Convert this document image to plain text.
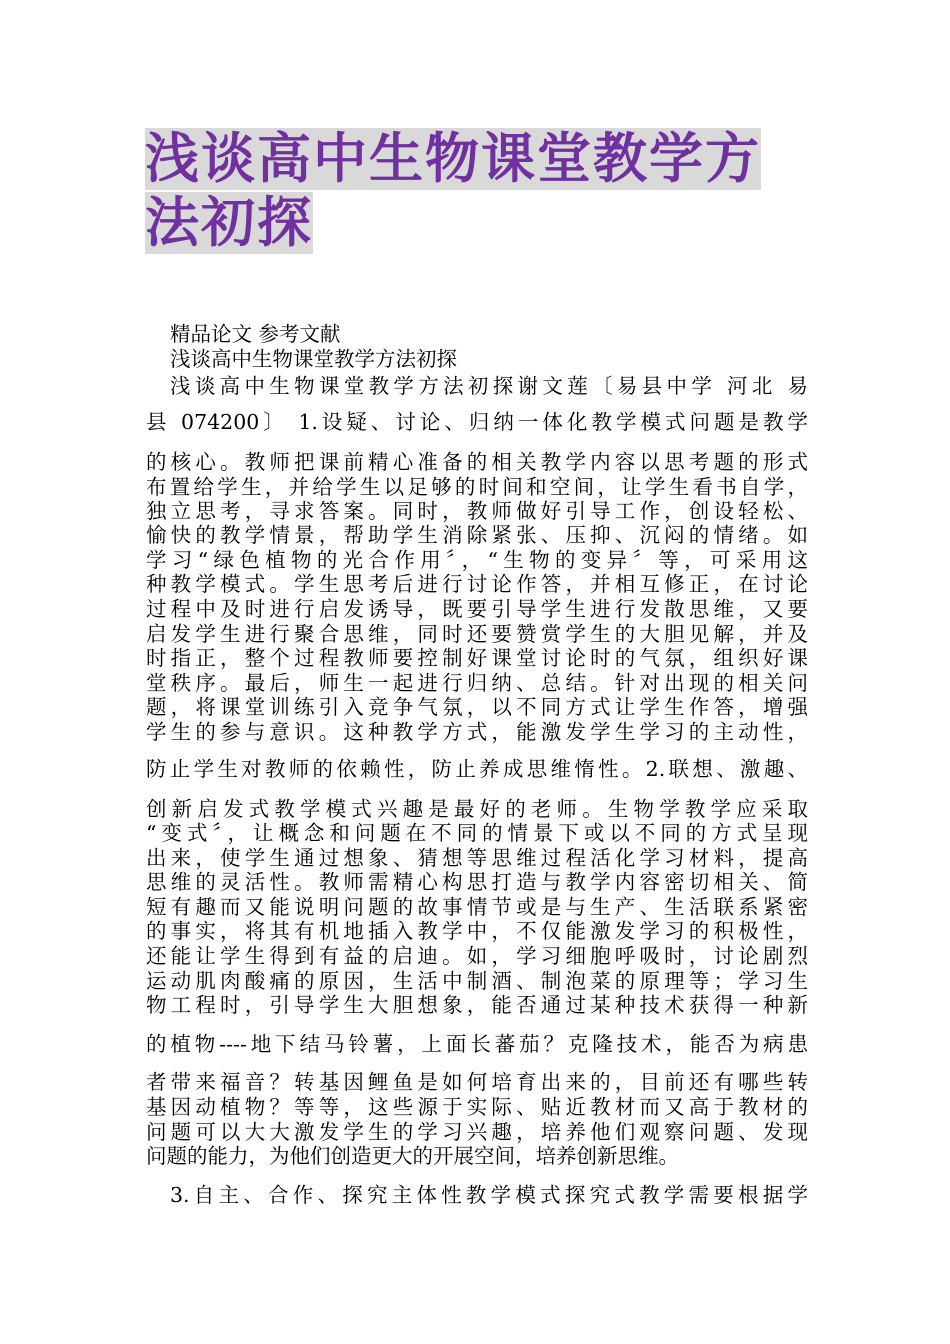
浅谈高中生物课堂教学方
法初探
精品论文 参考文献
浅谈高中生物课堂教学方法初探
浅谈高中生物课堂教学方法初探谢文莲〔易县中学 河北 易
县 074200〕 1.设疑、讨论、归纳一体化教学模式问题是教学
的核心。教师把课前精心准备的相关教学内容以思考题的形式
布置给学生，并给学生以足够的时间和空间，让学生看书自学，
独立思考，寻求答案。同时，教师做好引导工作，创设轻松、
愉快的教学情景，帮助学生消除紧张、压抑、沉闷的情绪。如
学习“绿色植物的光合作用〞，“生物的变异〞等，可采用这
种教学模式。学生思考后进行讨论作答，并相互修正，在讨论
过程中及时进行启发诱导，既要引导学生进行发散思维，又要
启发学生进行聚合思维，同时还要赞赏学生的大胆见解，并及
时指正，整个过程教师要控制好课堂讨论时的气氛，组织好课
堂秩序。最后，师生一起进行归纳、总结。针对出现的相关问
题，将课堂训练引入竞争气氛，以不同方式让学生作答，增强
学生的参与意识。这种教学方式，能激发学生学习的主动性，
防止学生对教师的依赖性，防止养成思维惰性。2.联想、激趣、
创新启发式教学模式兴趣是最好的老师。生物学教学应采取
“变式〞，让概念和问题在不同的情景下或以不同的方式呈现
出来，使学生通过想象、猜想等思维过程活化学习材料，提高
思维的灵活性。教师需精心构思打造与教学内容密切相关、简
短有趣而又能说明问题的故事情节或是与生产、生活联系紧密
的事实，将其有机地插入教学中，不仅能激发学习的积极性，
还能让学生得到有益的启迪。如，学习细胞呼吸时，讨论剧烈
运动肌肉酸痛的原因，生活中制酒、制泡菜的原理等；学习生
物工程时，引导学生大胆想象，能否通过某种技术获得一种新
的植物----地下结马铃薯，上面长蕃茄？克隆技术，能否为病患
者带来福音？转基因鲤鱼是如何培育出来的，目前还有哪些转
基因动植物？等等，这些源于实际、贴近教材而又高于教材的
问题可以大大激发学生的学习兴趣，培养他们观察问题、发现
问题的能力，为他们创造更大的开展空间，培养创新思维。
3.自主、合作、探究主体性教学模式探究式教学需要根据学
